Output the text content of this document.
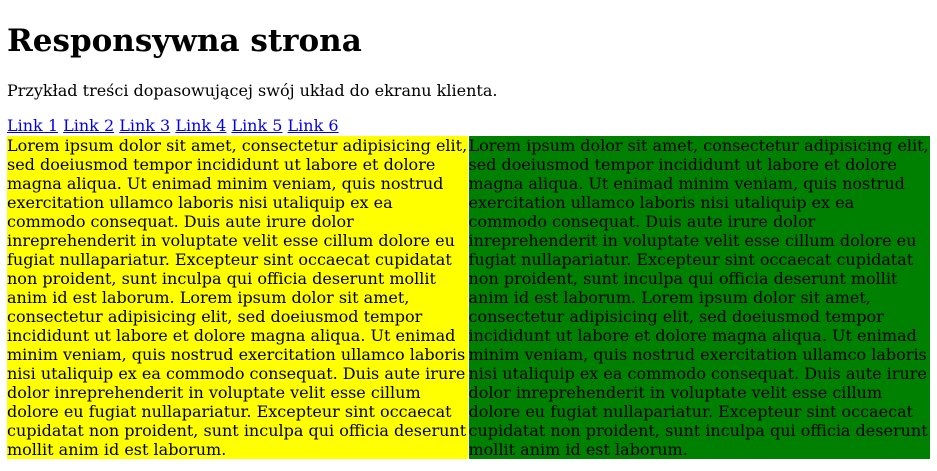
Responsywna strona

Przykład treści dopasowującej swój układ do ekranu klienta.

Link 1 Link 2 Link 3 Link 4 Link 5 Link 6
Lorem ipsum dolor sit amet, consectetur adipisicing elit, sed doeiusmod tempor incididunt ut labore et dolore magna aliqua. Ut enimad minim veniam, quis nostrud exercitation ullamco laboris nisi utaliquip ex ea commodo consequat. Duis aute irure dolor inreprehenderit in voluptate velit esse cillum dolore eu fugiat nullapariatur. Excepteur sint occaecat cupidatat non proident, sunt inculpa qui officia deserunt mollit anim id est laborum. Lorem ipsum dolor sit amet, consectetur adipisicing elit, sed doeiusmod tempor incididunt ut labore et dolore magna aliqua. Ut enimad minim veniam, quis nostrud exercitation ullamco laboris nisi utaliquip ex ea commodo consequat. Duis aute irure dolor inreprehenderit in voluptate velit esse cillum dolore eu fugiat nullapariatur. Excepteur sint occaecat cupidatat non proident, sunt inculpa qui officia deserunt mollit anim id est laborum.
Lorem ipsum dolor sit amet, consectetur adipisicing elit, sed doeiusmod tempor incididunt ut labore et dolore magna aliqua. Ut enimad minim veniam, quis nostrud exercitation ullamco laboris nisi utaliquip ex ea commodo consequat. Duis aute irure dolor inreprehenderit in voluptate velit esse cillum dolore eu fugiat nullapariatur. Excepteur sint occaecat cupidatat non proident, sunt inculpa qui officia deserunt mollit anim id est laborum. Lorem ipsum dolor sit amet, consectetur adipisicing elit, sed doeiusmod tempor incididunt ut labore et dolore magna aliqua. Ut enimad minim veniam, quis nostrud exercitation ullamco laboris nisi utaliquip ex ea commodo consequat. Duis aute irure dolor inreprehenderit in voluptate velit esse cillum dolore eu fugiat nullapariatur. Excepteur sint occaecat cupidatat non proident, sunt inculpa qui officia deserunt mollit anim id est laborum.
